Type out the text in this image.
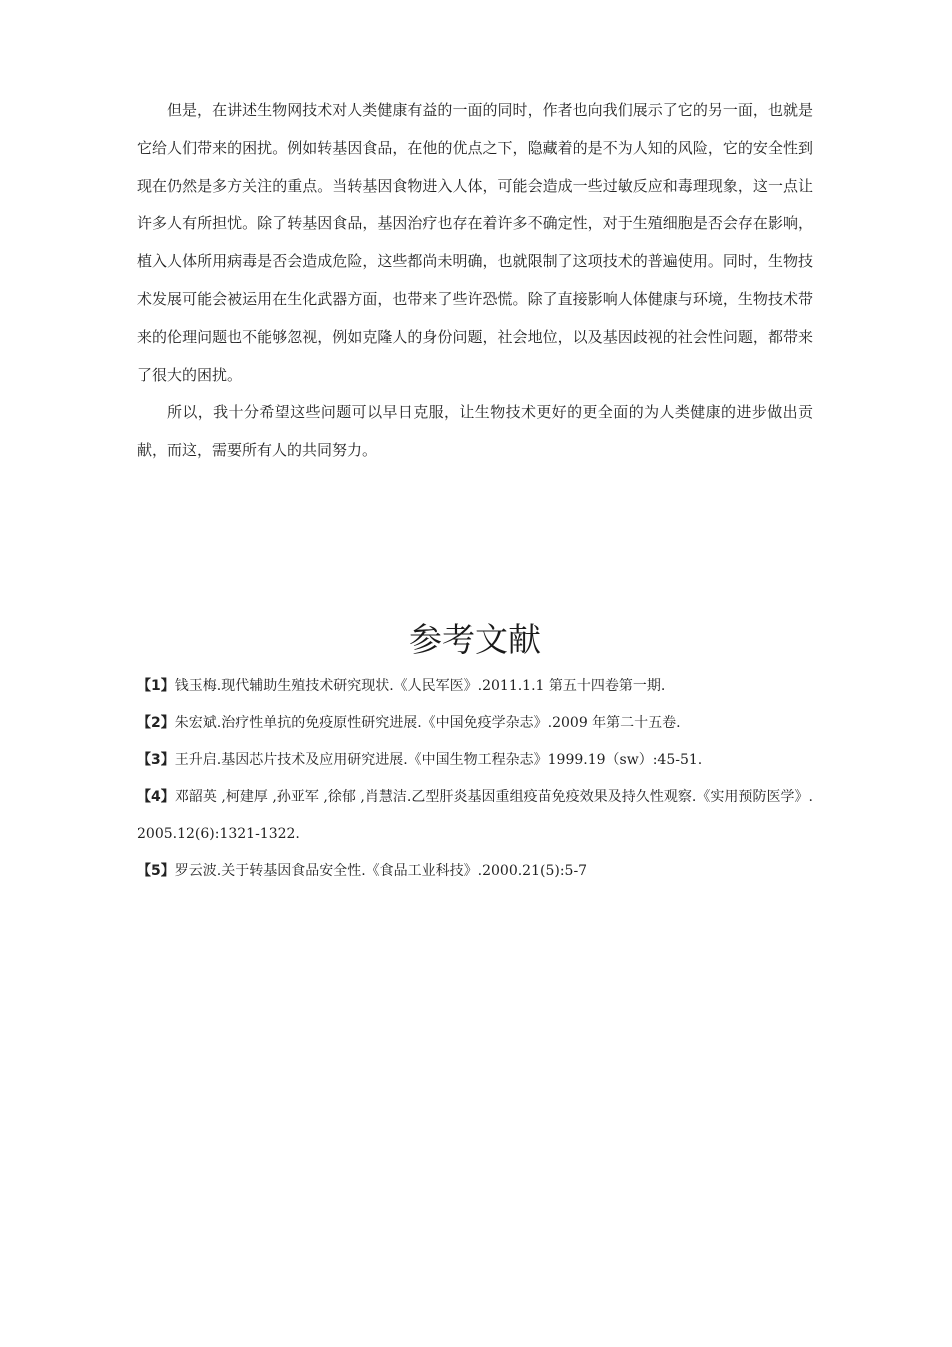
但是，在讲述生物网技术对人类健康有益的一面的同时，作者也向我们展示了它的另一面，也就是它给人们带来的困扰。例如转基因食品，在他的优点之下，隐藏着的是不为人知的风险，它的安全性到现在仍然是多方关注的重点。当转基因食物进入人体，可能会造成一些过敏反应和毒理现象，这一点让许多人有所担忧。除了转基因食品，基因治疗也存在着许多不确定性，对于生殖细胞是否会存在影响，植入人体所用病毒是否会造成危险，这些都尚未明确，也就限制了这项技术的普遍使用。同时，生物技术发展可能会被运用在生化武器方面，也带来了些许恐慌。除了直接影响人体健康与环境，生物技术带来的伦理问题也不能够忽视，例如克隆人的身份问题，社会地位，以及基因歧视的社会性问题，都带来了很大的困扰。

所以，我十分希望这些问题可以早日克服，让生物技术更好的更全面的为人类健康的进步做出贡献，而这，需要所有人的共同努力。

参考文献
【1】钱玉梅.现代辅助生殖技术研究现状.《人民军医》.2011.1.1 第五十四卷第一期.
【2】朱宏斌.治疗性单抗的免疫原性研究进展.《中国免疫学杂志》.2009 年第二十五卷.
【3】王升启.基因芯片技术及应用研究进展.《中国生物工程杂志》1999.19（sw）:45-51.
【4】邓韶英 ,柯建厚 ,孙亚军 ,徐郁 ,肖慧洁.乙型肝炎基因重组疫苗免疫效果及持久性观察.《实用预防医学》.2005.12(6):1321-1322.
【5】罗云波.关于转基因食品安全性.《食品工业科技》.2000.21(5):5-7
